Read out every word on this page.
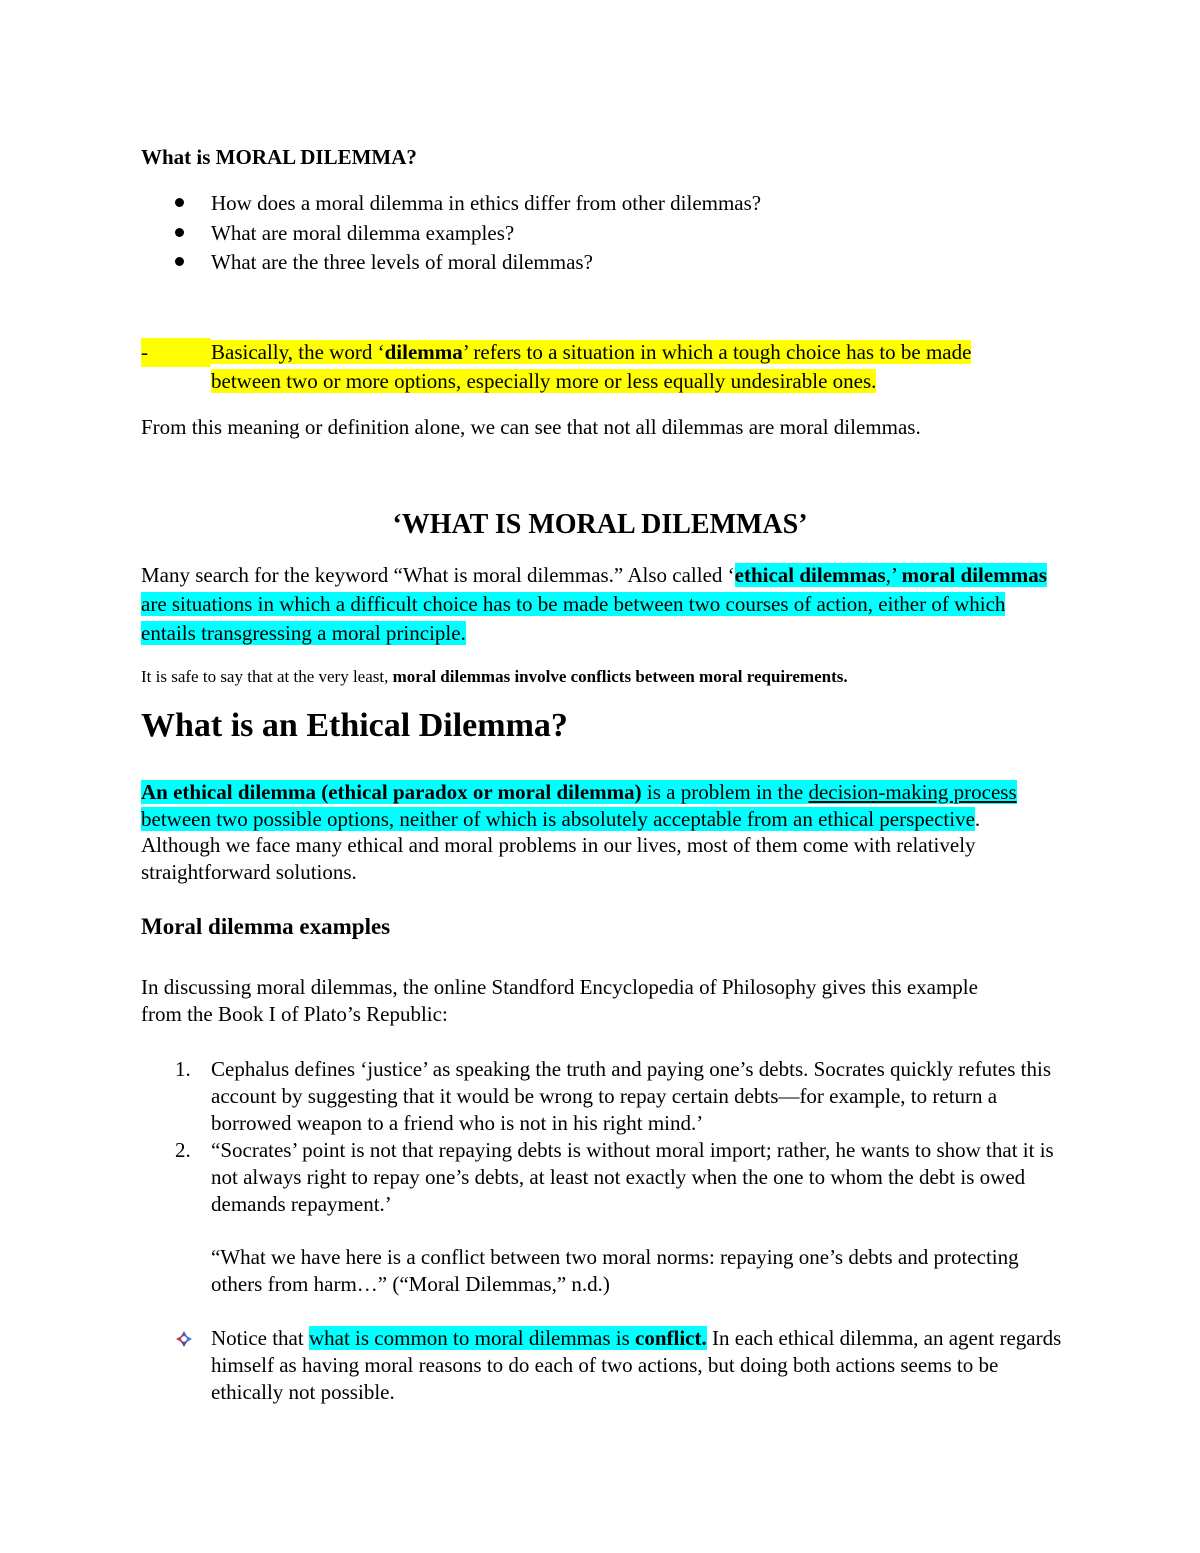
What is MORAL DILEMMA?
How does a moral dilemma in ethics differ from other dilemmas?
What are moral dilemma examples?
What are the three levels of moral dilemmas?
-	Basically, the word ‘dilemma’ refers to a situation in which a tough choice has to be made between two or more options, especially more or less equally undesirable ones.
From this meaning or definition alone, we can see that not all dilemmas are moral dilemmas.
‘WHAT IS MORAL DILEMMAS’
Many search for the keyword “What is moral dilemmas.” Also called ‘ethical dilemmas,’ moral dilemmas are situations in which a difficult choice has to be made between two courses of action, either of which entails transgressing a moral principle.
It is safe to say that at the very least, moral dilemmas involve conflicts between moral requirements.
What is an Ethical Dilemma?
An ethical dilemma (ethical paradox or moral dilemma) is a problem in the decision-making process between two possible options, neither of which is absolutely acceptable from an ethical perspective. Although we face many ethical and moral problems in our lives, most of them come with relatively straightforward solutions.
Moral dilemma examples
In discussing moral dilemmas, the online Standford Encyclopedia of Philosophy gives this example from the Book I of Plato’s Republic:
1. Cephalus defines ‘justice’ as speaking the truth and paying one’s debts. Socrates quickly refutes this account by suggesting that it would be wrong to repay certain debts—for example, to return a borrowed weapon to a friend who is not in his right mind.’
2. “Socrates’ point is not that repaying debts is without moral import; rather, he wants to show that it is not always right to repay one’s debts, at least not exactly when the one to whom the debt is owed demands repayment.’
“What we have here is a conflict between two moral norms: repaying one’s debts and protecting others from harm…” (“Moral Dilemmas,” n.d.)
Notice that what is common to moral dilemmas is conflict. In each ethical dilemma, an agent regards himself as having moral reasons to do each of two actions, but doing both actions seems to be ethically not possible.
